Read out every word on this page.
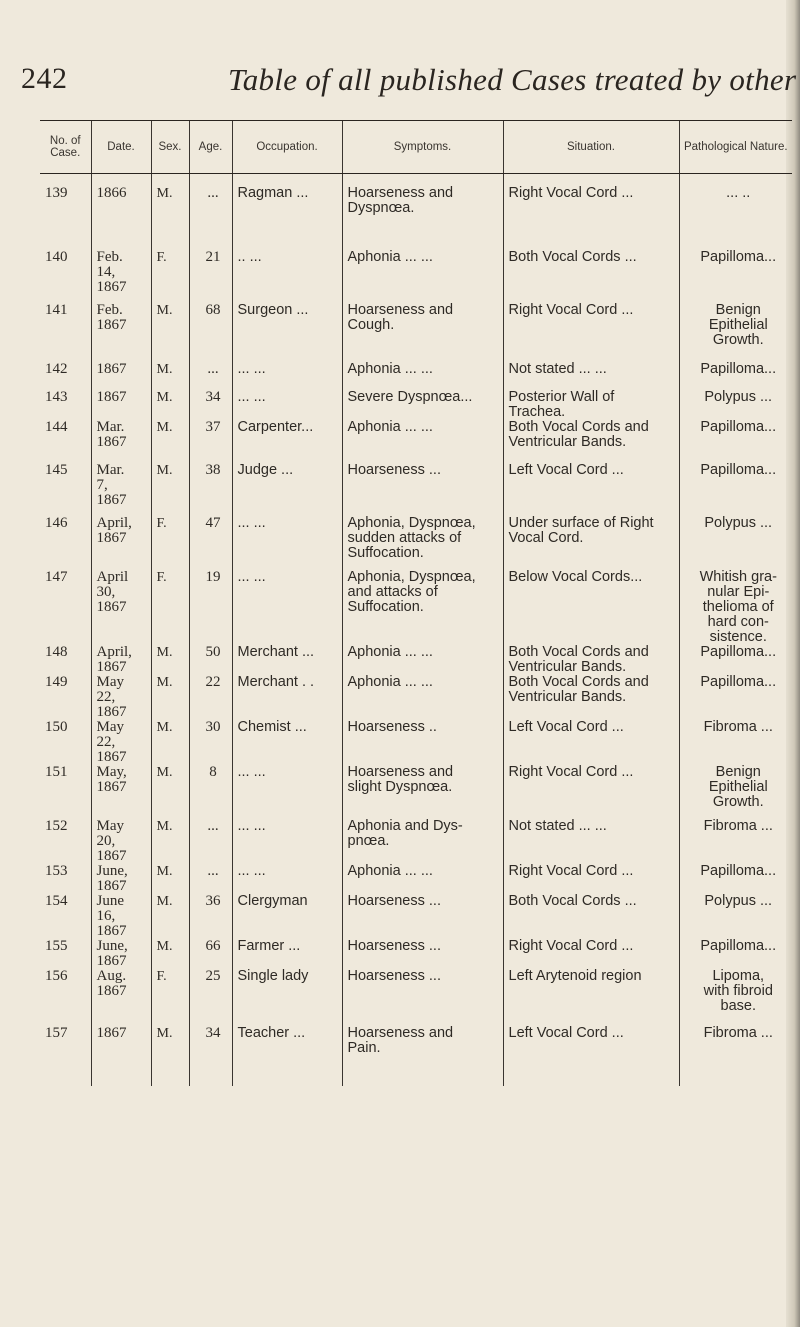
242	Table of all published Cases treated by other
No. of Case.	Date.	Sex.	Age.	Occupation.	Symptoms.	Situation.	Pathological Nature.

139	1866	M.	...	Ragman ...	Hoarseness and
Dyspnœa.	Right Vocal Cord ...	... ..

140	Feb.
14,
1867	F.	21	.. ...	Aphonia ... ...	Both Vocal Cords ...	Papilloma...

141	Feb.
1867	M.	68	Surgeon ...	Hoarseness and
Cough.	Right Vocal Cord ...	Benign
Epithelial
Growth.

142	1867	M.	...	... ...	Aphonia ... ...	Not stated ... ...	Papilloma...

143	1867	M.	34	... ...	Severe Dyspnœa...	Posterior Wall of
Trachea.	Polypus ...

144	Mar.
1867	M.	37	Carpenter...	Aphonia ... ...	Both Vocal Cords and
Ventricular Bands.	Papilloma...

145	Mar.
7,
1867	M.	38	Judge ...	Hoarseness ...	Left Vocal Cord ...	Papilloma...

146	April,
1867	F.	47	... ...	Aphonia, Dyspnœa,
sudden attacks of
Suffocation.	Under surface of Right
Vocal Cord.	Polypus ...

147	April
30,
1867	F.	19	... ...	Aphonia, Dyspnœa,
and attacks of
Suffocation.	Below Vocal Cords...	Whitish gra-
nular Epi-
thelioma of
hard con-
sistence.

148	April,
1867	M.	50	Merchant ...	Aphonia ... ...	Both Vocal Cords and
Ventricular Bands.	Papilloma...

149	May
22,
1867	M.	22	Merchant . .	Aphonia ... ...	Both Vocal Cords and
Ventricular Bands.	Papilloma...

150	May
22,
1867	M.	30	Chemist ...	Hoarseness ..	Left Vocal Cord ...	Fibroma ...

151	May,
1867	M.	8	... ...	Hoarseness and
slight Dyspnœa.	Right Vocal Cord ...	Benign
Epithelial
Growth.

152	May
20,
1867	M.	...	... ...	Aphonia and Dys-
pnœa.	Not stated ... ...	Fibroma ...

153	June,
1867	M.	...	... ...	Aphonia ... ...	Right Vocal Cord ...	Papilloma...

154	June
16,
1867	M.	36	Clergyman	Hoarseness ...	Both Vocal Cords ...	Polypus ...

155	June,
1867	M.	66	Farmer ...	Hoarseness ...	Right Vocal Cord ...	Papilloma...

156	Aug.
1867	F.	25	Single lady	Hoarseness ...	Left Arytenoid region	Lipoma,
with fibroid
base.

157	1867	M.	34	Teacher ...	Hoarseness and
Pain.	Left Vocal Cord ...	Fibroma ...
